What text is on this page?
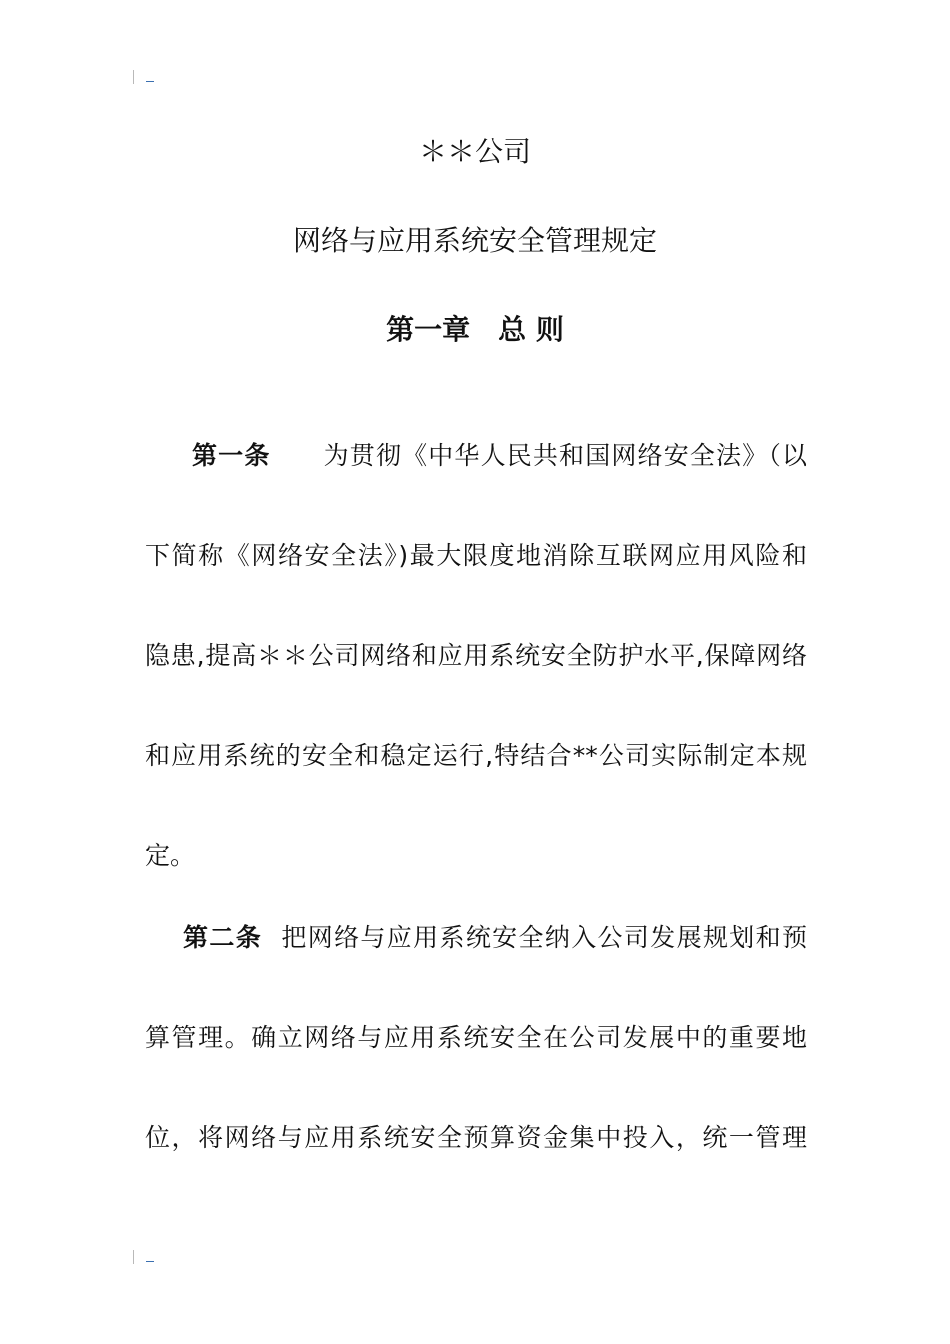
＊＊公司
网络与应用系统安全管理规定
第一章　总 则
第一条 为贯彻《中华人民共和国网络安全法》（以
下简称《网络安全法》)最大限度地消除互联网应用风险和
隐患,提高＊＊公司网络和应用系统安全防护水平,保障网络
和应用系统的安全和稳定运行,特结合**公司实际制定本规
定。
第二条 把网络与应用系统安全纳入公司发展规划和预
算管理。确立网络与应用系统安全在公司发展中的重要地
位，将网络与应用系统安全预算资金集中投入，统一管理
